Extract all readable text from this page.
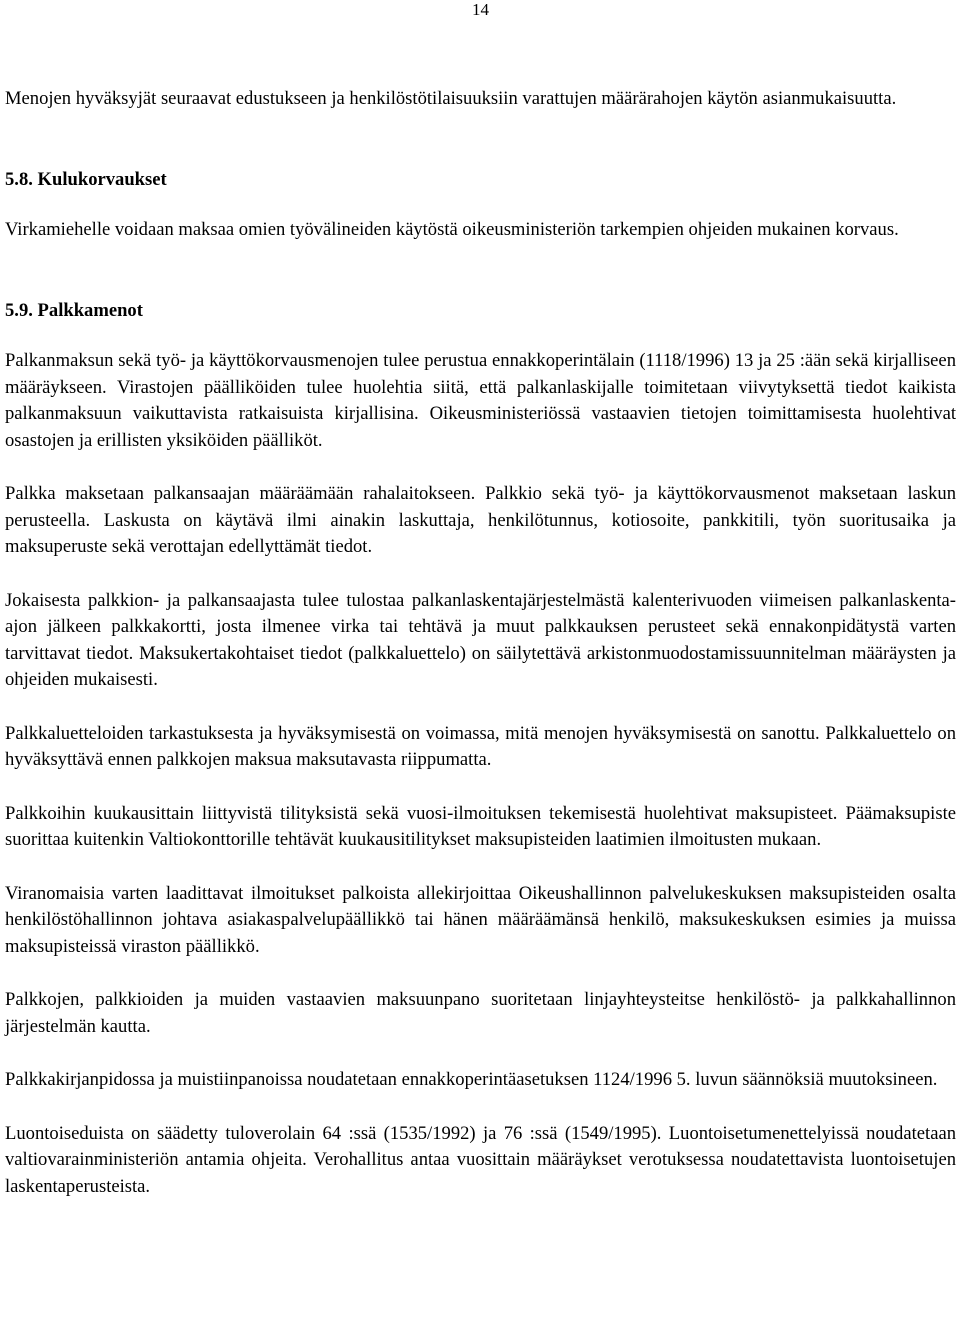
14

Menojen hyväksyjät seuraavat edustukseen ja henkilöstötilaisuuksiin varattujen määrärahojen käytön asianmukaisuutta.

5.8. Kulukorvaukset

Virkamiehelle voidaan maksaa omien työvälineiden käytöstä oikeusministeriön tarkempien ohjeiden mukainen korvaus.

5.9. Palkkamenot

Palkanmaksun sekä työ- ja käyttökorvausmenojen tulee perustua ennakkoperintälain (1118/1996) 13 ja 25 :ään sekä kirjalliseen määräykseen. Virastojen päälliköiden tulee huolehtia siitä, että palkanlaskijalle toimitetaan viivytyksettä tiedot kaikista palkanmaksuun vaikuttavista ratkaisuista kirjallisina. Oikeusministeriössä vastaavien tietojen toimittamisesta huolehtivat osastojen ja erillisten yksiköiden päälliköt.

Palkka maksetaan palkansaajan määräämään rahalaitokseen. Palkkio sekä työ- ja käyttökorvausmenot maksetaan laskun perusteella. Laskusta on käytävä ilmi ainakin laskuttaja, henkilötunnus, kotiosoite, pankkitili, työn suoritusaika ja maksuperuste sekä verottajan edellyttämät tiedot.

Jokaisesta palkkion- ja palkansaajasta tulee tulostaa palkanlaskentajärjestelmästä kalenterivuoden viimeisen palkanlaskenta-ajon jälkeen palkkakortti, josta ilmenee virka tai tehtävä ja muut palkkauksen perusteet sekä ennakonpidätystä varten tarvittavat tiedot. Maksukertakohtaiset tiedot (palkkaluettelo) on säilytettävä arkistonmuodostamissuunnitelman määräysten ja ohjeiden mukaisesti.

Palkkaluetteloiden tarkastuksesta ja hyväksymisestä on voimassa, mitä menojen hyväksymisestä on sanottu. Palkkaluettelo on hyväksyttävä ennen palkkojen maksua maksutavasta riippumatta.

Palkkoihin kuukausittain liittyvistä tilityksistä sekä vuosi-ilmoituksen tekemisestä huolehtivat maksupisteet. Päämaksupiste suorittaa kuitenkin Valtiokonttorille tehtävät kuukausitilitykset maksupisteiden laatimien ilmoitusten mukaan.

Viranomaisia varten laadittavat ilmoitukset palkoista allekirjoittaa Oikeushallinnon palvelukeskuksen maksupisteiden osalta henkilöstöhallinnon johtava asiakaspalvelupäällikkö tai hänen määräämänsä henkilö, maksukeskuksen esimies ja muissa maksupisteissä viraston päällikkö.

Palkkojen, palkkioiden ja muiden vastaavien maksuunpano suoritetaan linjayhteysteitse henkilöstö- ja palkkahallinnon järjestelmän kautta.

Palkkakirjanpidossa ja muistiinpanoissa noudatetaan ennakkoperintäasetuksen 1124/1996 5. luvun säännöksiä muutoksineen.

Luontoiseduista on säädetty tuloverolain 64 :ssä (1535/1992) ja 76 :ssä (1549/1995). Luontoisetumenettelyissä noudatetaan valtiovarainministeriön antamia ohjeita. Verohallitus antaa vuosittain määräykset verotuksessa noudatettavista luontoisetujen laskentaperusteista.
